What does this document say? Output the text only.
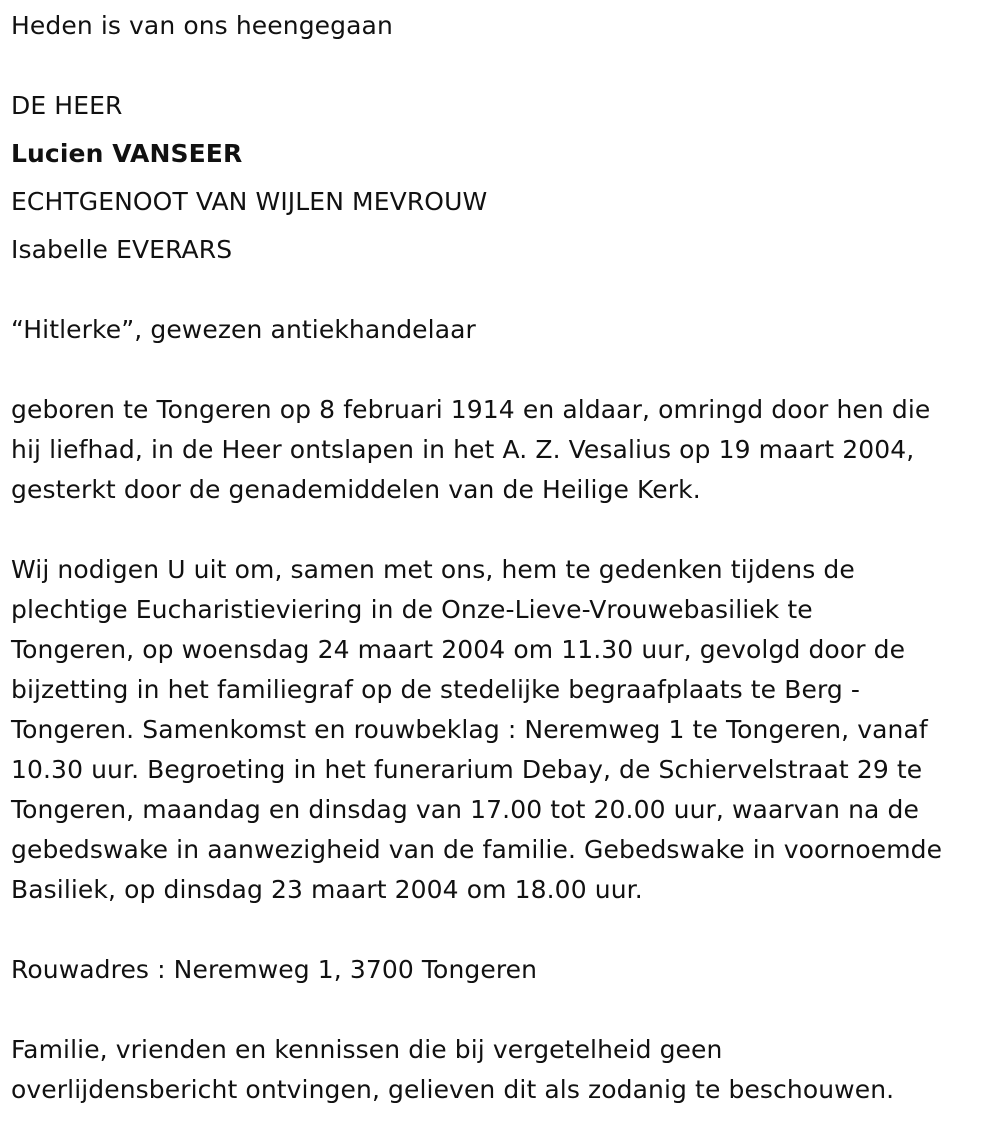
Heden is van ons heengegaan
DE HEER
Lucien VANSEER
ECHTGENOOT VAN WIJLEN MEVROUW
Isabelle EVERARS
“Hitlerke”, gewezen antiekhandelaar
geboren te Tongeren op 8 februari 1914 en aldaar, omringd door hen die
hij liefhad, in de Heer ontslapen in het A. Z. Vesalius op 19 maart 2004,
gesterkt door de genademiddelen van de Heilige Kerk.
Wij nodigen U uit om, samen met ons, hem te gedenken tijdens de
plechtige Eucharistieviering in de Onze-Lieve-Vrouwebasiliek te
Tongeren, op woensdag 24 maart 2004 om 11.30 uur, gevolgd door de
bijzetting in het familiegraf op de stedelijke begraafplaats te Berg -
Tongeren. Samenkomst en rouwbeklag : Neremweg 1 te Tongeren, vanaf
10.30 uur. Begroeting in het funerarium Debay, de Schiervelstraat 29 te
Tongeren, maandag en dinsdag van 17.00 tot 20.00 uur, waarvan na de
gebedswake in aanwezigheid van de familie. Gebedswake in voornoemde
Basiliek, op dinsdag 23 maart 2004 om 18.00 uur.
Rouwadres : Neremweg 1, 3700 Tongeren
Familie, vrienden en kennissen die bij vergetelheid geen
overlijdensbericht ontvingen, gelieven dit als zodanig te beschouwen.
